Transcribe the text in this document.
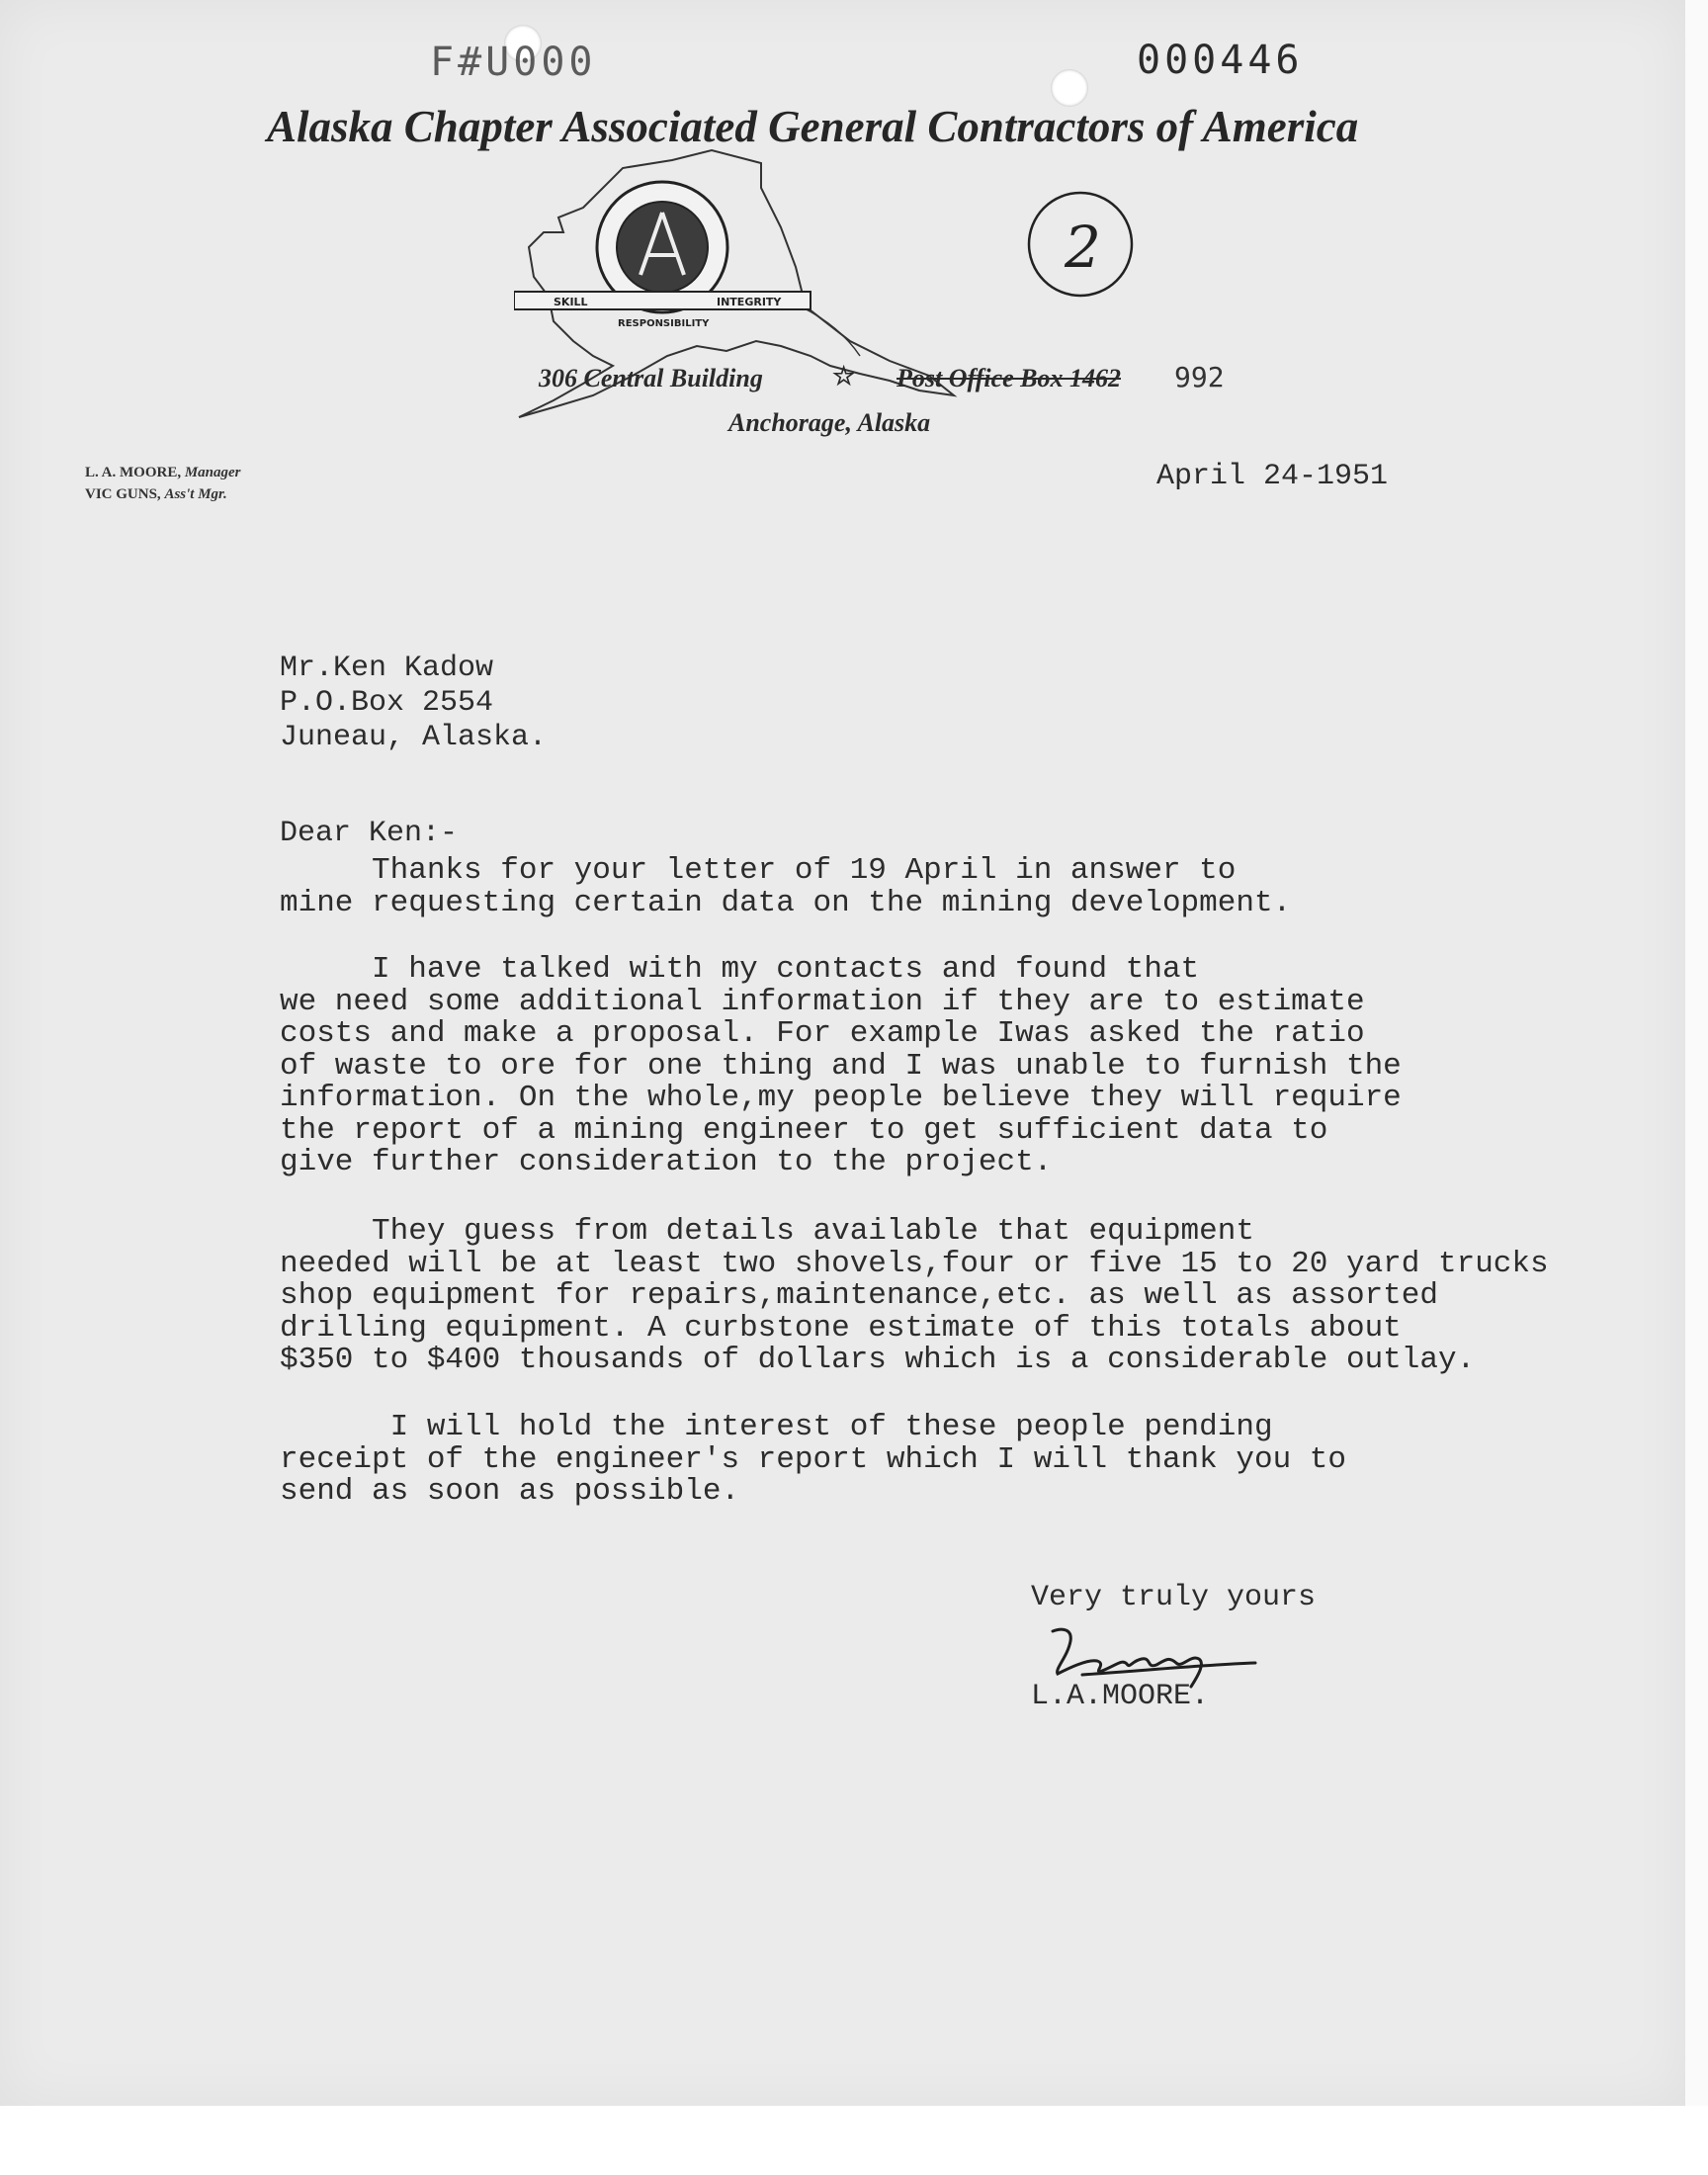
F#U000	000446
Alaska Chapter Associated General Contractors of America
SKILL	INTEGRITY
RESPONSIBILITY
2
306 Central Building	☆ Post Office Box 1462 992
Anchorage, Alaska
L. A. MOORE, Manager
VIC GUNS, Ass't Mgr.
April 24-1951
Mr.Ken Kadow
P.O.Box 2554
Juneau, Alaska.
Dear Ken:-
Thanks for your letter of 19 April in answer to
mine requesting certain data on the mining development.
I have talked with my contacts and found that
we need some additional information if they are to estimate
costs and make a proposal. For example Iwas asked the ratio
of waste to ore for one thing and I was unable to furnish the
information. On the whole,my people believe they will require
the report of a mining engineer to get sufficient data to
give further consideration to the project.
They guess from details available that equipment
needed will be at least two shovels,four or five 15 to 20 yard trucks
shop equipment for repairs,maintenance,etc. as well as assorted
drilling equipment. A curbstone estimate of this totals about
$350 to $400 thousands of dollars which is a considerable outlay.
I will hold the interest of these people pending
receipt of the engineer's report which I will thank you to
send as soon as possible.
Very truly yours
L.A.MOORE.
